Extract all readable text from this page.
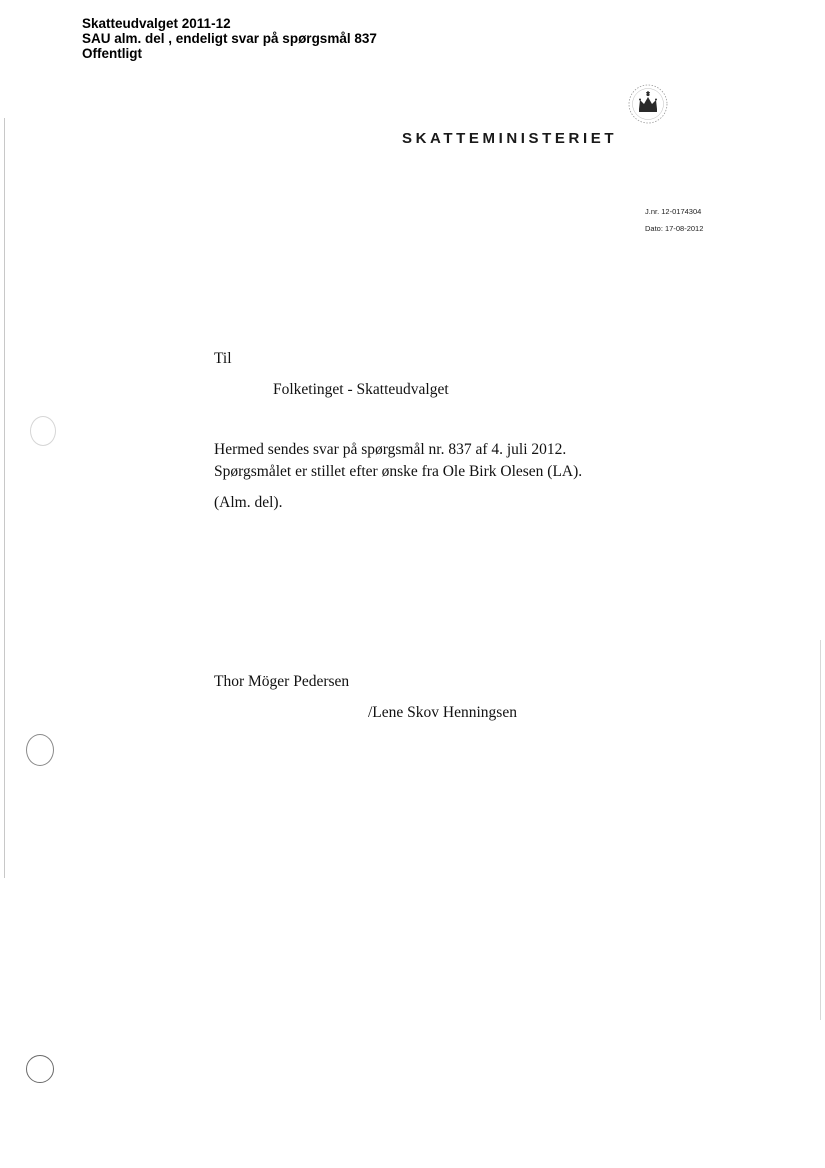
Skatteudvalget 2011-12
SAU alm. del , endeligt svar på spørgsmål 837
Offentligt
SKATTEMINISTERIET
J.nr. 12-0174304
Dato: 17-08-2012
Til
Folketinget - Skatteudvalget
Hermed sendes svar på spørgsmål nr. 837 af 4. juli 2012.
Spørgsmålet er stillet efter ønske fra Ole Birk Olesen (LA).
(Alm. del).
Thor Möger Pedersen
/Lene Skov Henningsen
